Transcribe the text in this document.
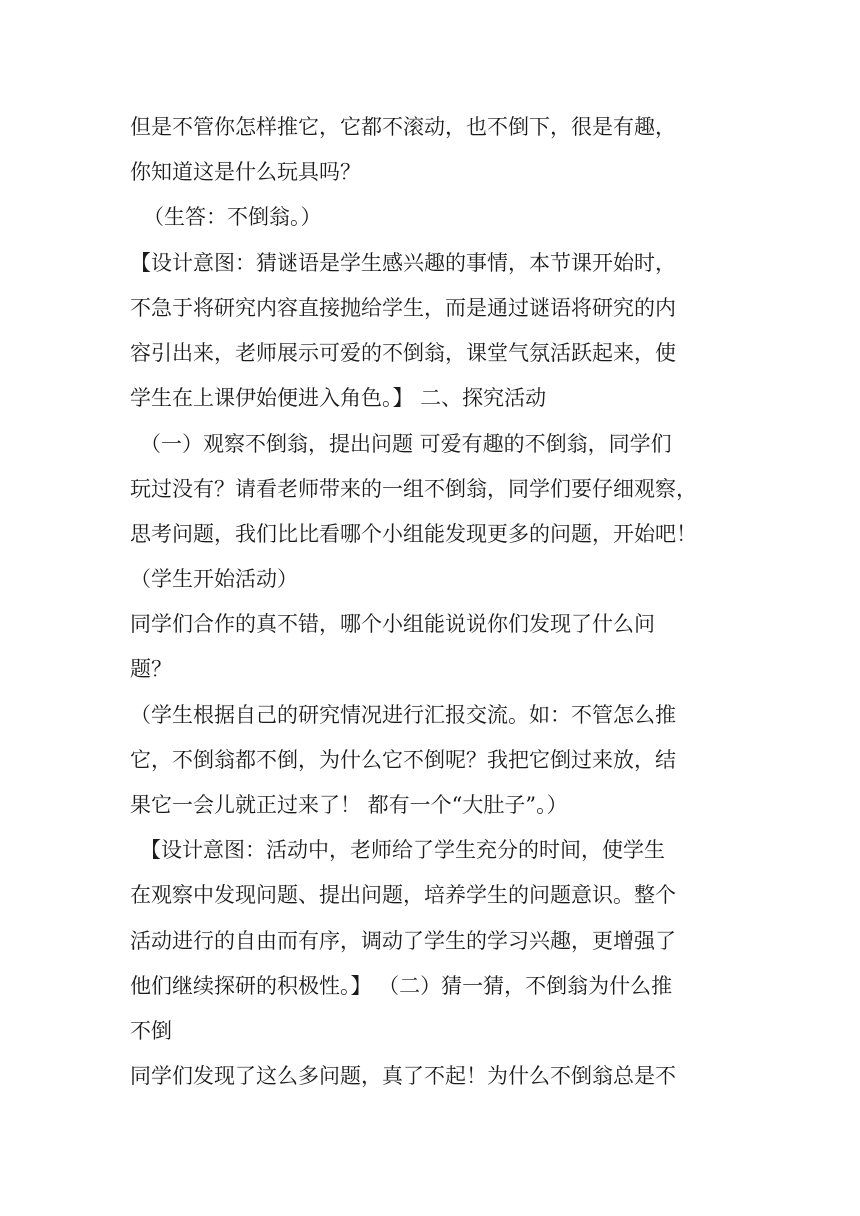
但是不管你怎样推它，它都不滚动，也不倒下，很是有趣，
你知道这是什么玩具吗？
（生答：不倒翁。）
【设计意图：猜谜语是学生感兴趣的事情，本节课开始时，
不急于将研究内容直接抛给学生，而是通过谜语将研究的内
容引出来，老师展示可爱的不倒翁，课堂气氛活跃起来，使
学生在上课伊始便进入角色。】 二、探究活动
（一）观察不倒翁，提出问题 可爱有趣的不倒翁，同学们
玩过没有？请看老师带来的一组不倒翁，同学们要仔细观察，
思考问题，我们比比看哪个小组能发现更多的问题，开始吧！
（学生开始活动）
同学们合作的真不错，哪个小组能说说你们发现了什么问
题？
（学生根据自己的研究情况进行汇报交流。如：不管怎么推
它，不倒翁都不倒，为什么它不倒呢？我把它倒过来放，结
果它一会儿就正过来了！ 都有一个“大肚子”。）
【设计意图：活动中，老师给了学生充分的时间，使学生
在观察中发现问题、提出问题，培养学生的问题意识。整个
活动进行的自由而有序，调动了学生的学习兴趣，更增强了
他们继续探研的积极性。】 （二）猜一猜，不倒翁为什么推
不倒
同学们发现了这么多问题，真了不起！为什么不倒翁总是不
